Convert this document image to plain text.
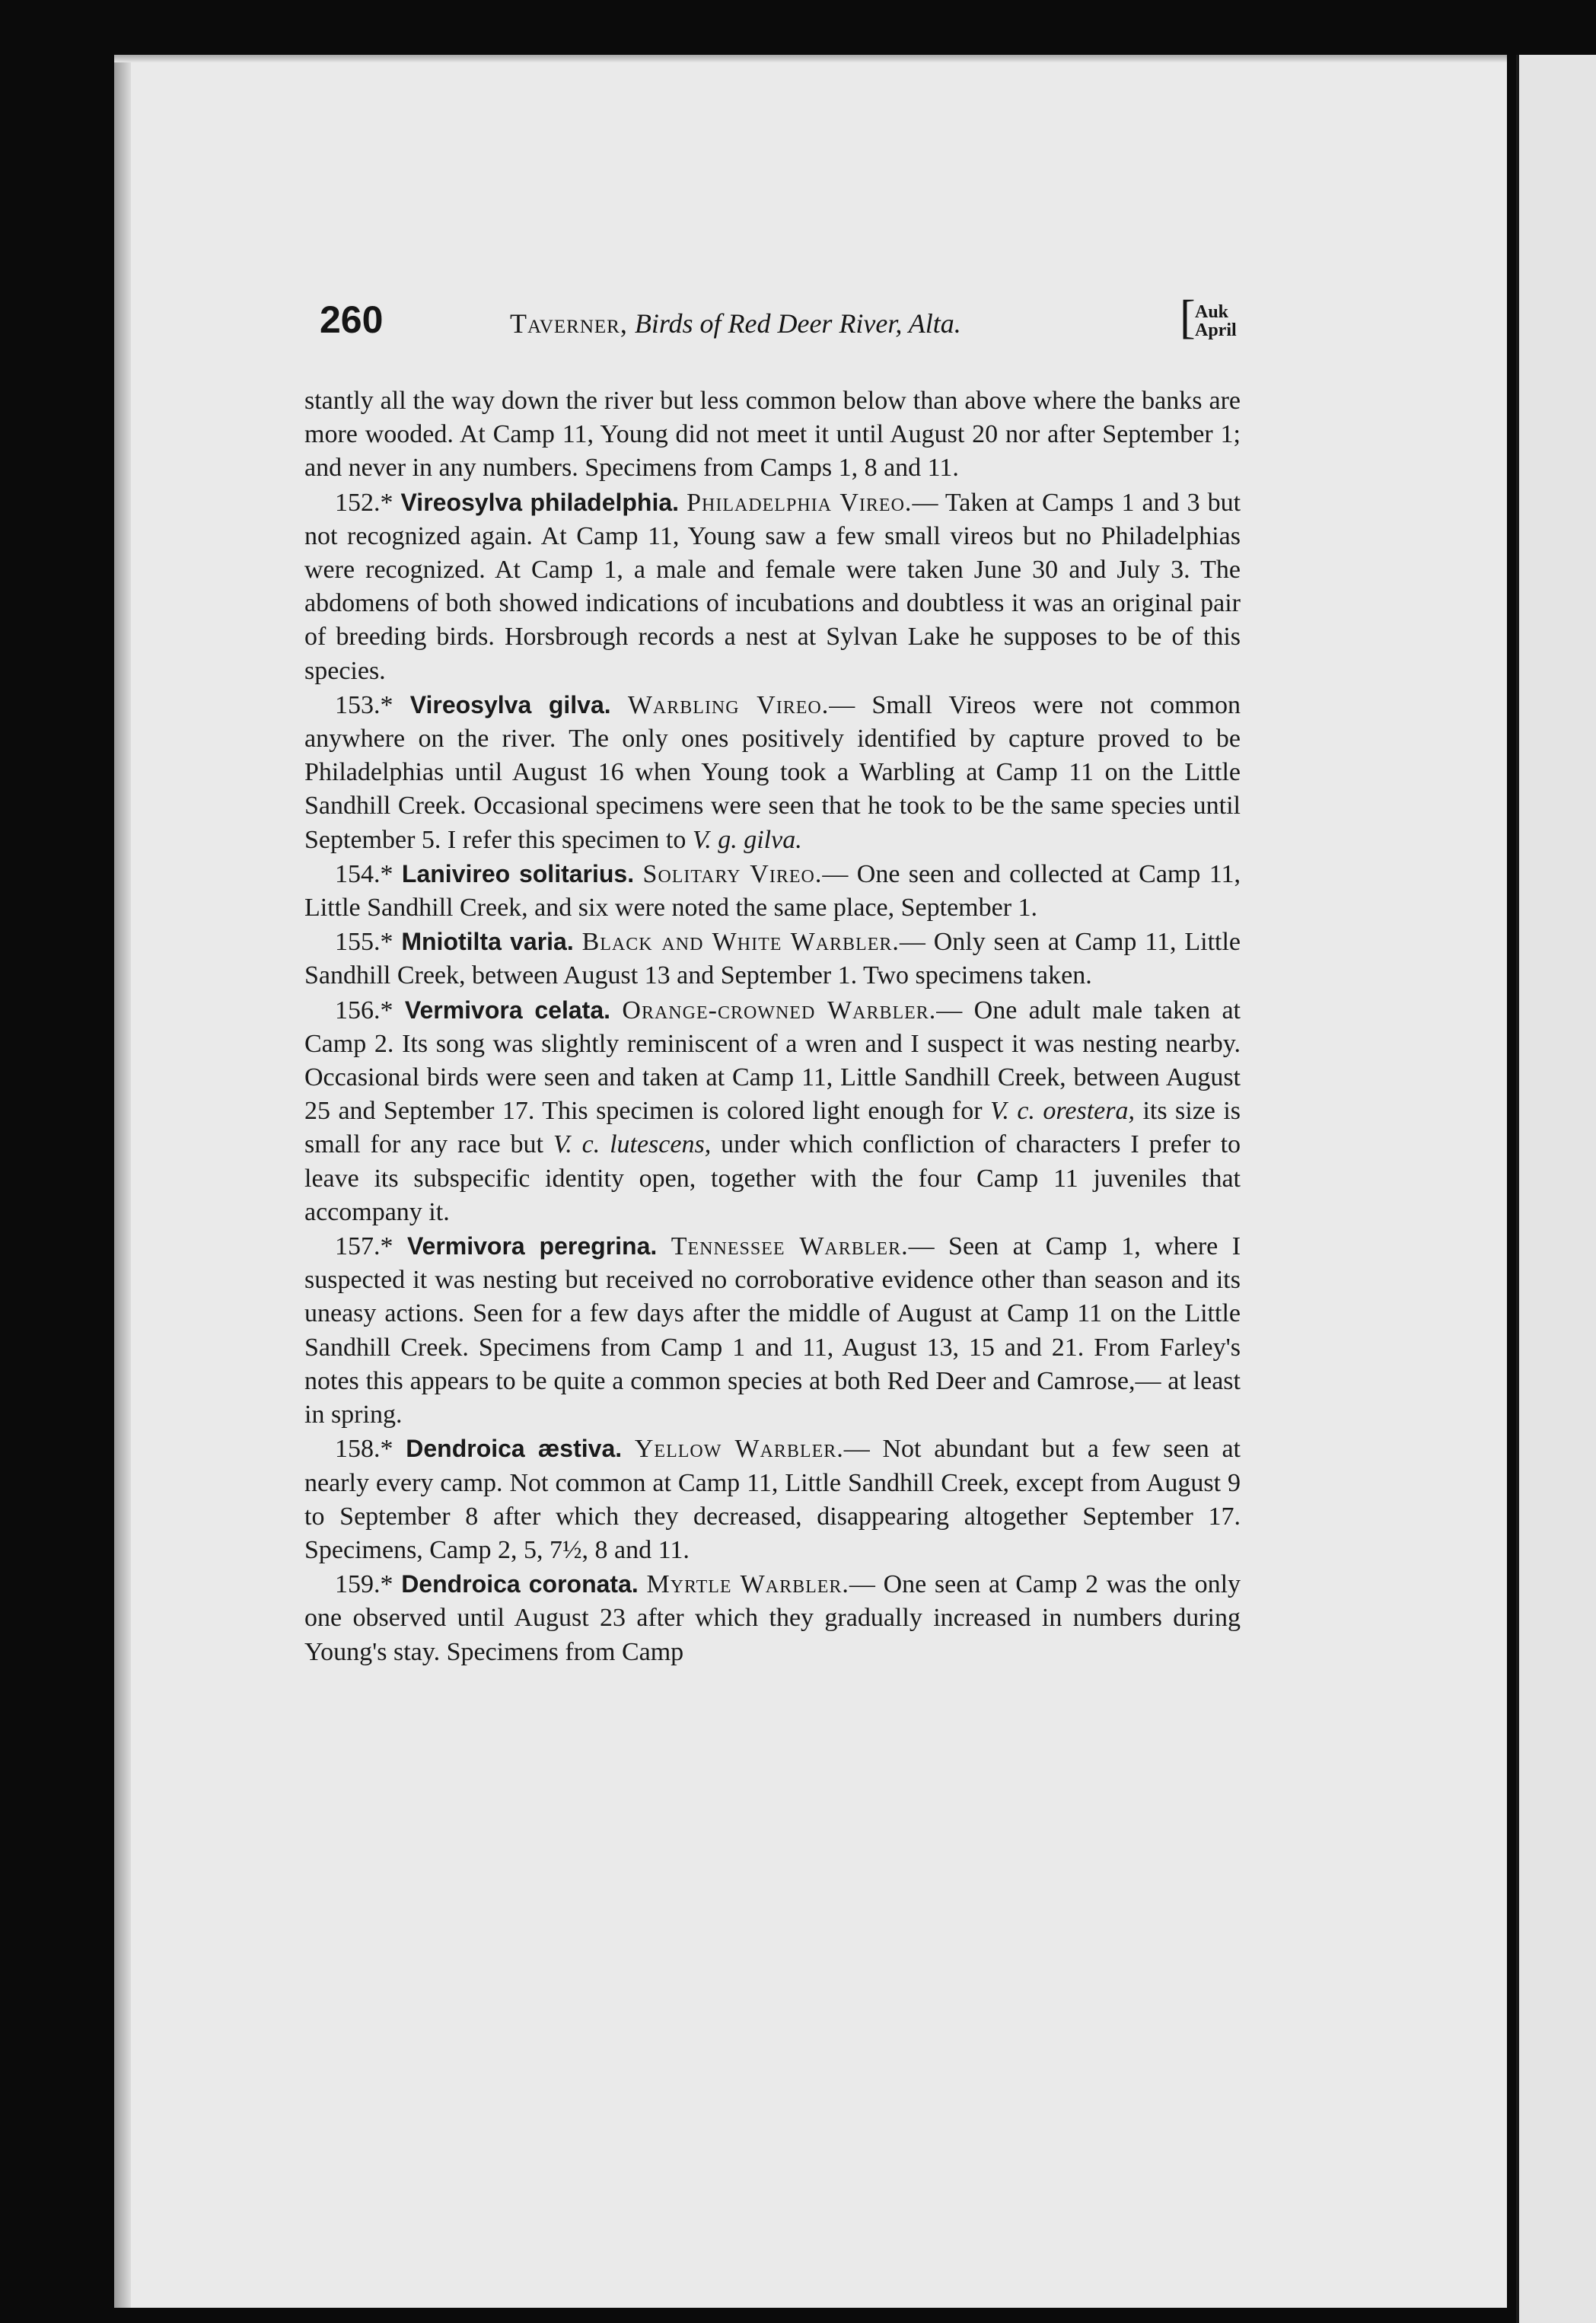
260	Taverner, Birds of Red Deer River, Alta.	[ Auk
April

stantly all the way down the river but less common below than above where the banks are more wooded. At Camp 11, Young did not meet it until August 20 nor after September 1; and never in any numbers. Specimens from Camps 1, 8 and 11.

152.* Vireosylva philadelphia. Philadelphia Vireo.— Taken at Camps 1 and 3 but not recognized again. At Camp 11, Young saw a few small vireos but no Philadelphias were recognized. At Camp 1, a male and female were taken June 30 and July 3. The abdomens of both showed indications of incubations and doubtless it was an original pair of breeding birds. Horsbrough records a nest at Sylvan Lake he supposes to be of this species.

153.* Vireosylva gilva. Warbling Vireo.— Small Vireos were not common anywhere on the river. The only ones positively identified by capture proved to be Philadelphias until August 16 when Young took a Warbling at Camp 11 on the Little Sandhill Creek. Occasional specimens were seen that he took to be the same species until September 5. I refer this specimen to V. g. gilva.

154.* Lanivireo solitarius. Solitary Vireo.— One seen and collected at Camp 11, Little Sandhill Creek, and six were noted the same place, September 1.

155.* Mniotilta varia. Black and White Warbler.— Only seen at Camp 11, Little Sandhill Creek, between August 13 and September 1. Two specimens taken.

156.* Vermivora celata. Orange-crowned Warbler.— One adult male taken at Camp 2. Its song was slightly reminiscent of a wren and I suspect it was nesting nearby. Occasional birds were seen and taken at Camp 11, Little Sandhill Creek, between August 25 and September 17. This specimen is colored light enough for V. c. orestera, its size is small for any race but V. c. lutescens, under which confliction of characters I prefer to leave its subspecific identity open, together with the four Camp 11 juveniles that accompany it.

157.* Vermivora peregrina. Tennessee Warbler.— Seen at Camp 1, where I suspected it was nesting but received no corroborative evidence other than season and its uneasy actions. Seen for a few days after the middle of August at Camp 11 on the Little Sandhill Creek. Specimens from Camp 1 and 11, August 13, 15 and 21. From Farley's notes this appears to be quite a common species at both Red Deer and Camrose,— at least in spring.

158.* Dendroica æstiva. Yellow Warbler.— Not abundant but a few seen at nearly every camp. Not common at Camp 11, Little Sandhill Creek, except from August 9 to September 8 after which they decreased, disappearing altogether September 17. Specimens, Camp 2, 5, 7½, 8 and 11.

159.* Dendroica coronata. Myrtle Warbler.— One seen at Camp 2 was the only one observed until August 23 after which they gradually increased in numbers during Young's stay. Specimens from Camp
